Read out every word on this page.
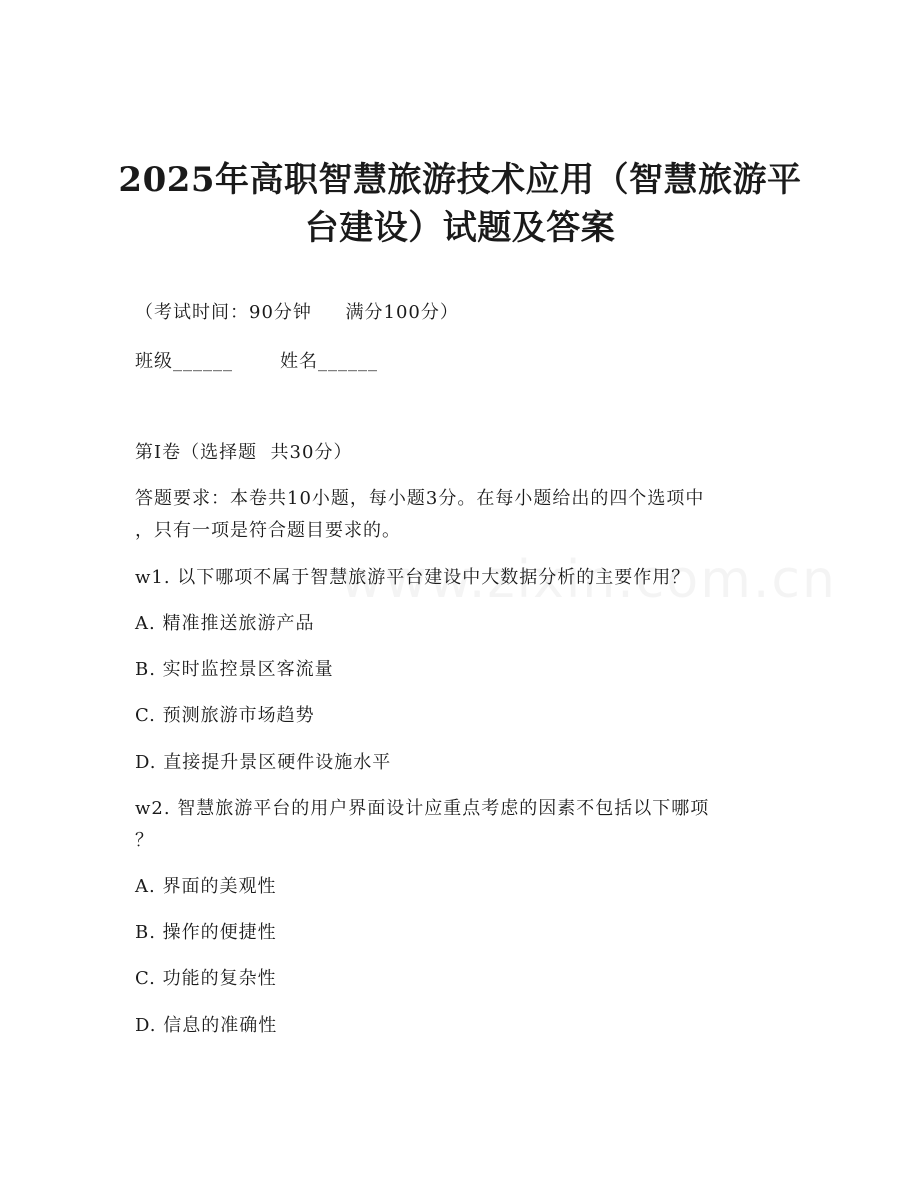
2025年高职智慧旅游技术应用（智慧旅游平
台建设）试题及答案
（考试时间：90分钟     满分100分）
班级______       姓名______
第Ⅰ卷（选择题  共30分）
答题要求：本卷共10小题，每小题3分。在每小题给出的四个选项中
，只有一项是符合题目要求的。
w1. 以下哪项不属于智慧旅游平台建设中大数据分析的主要作用？
A. 精准推送旅游产品
B. 实时监控景区客流量
C. 预测旅游市场趋势
D. 直接提升景区硬件设施水平
w2. 智慧旅游平台的用户界面设计应重点考虑的因素不包括以下哪项
？
A. 界面的美观性
B. 操作的便捷性
C. 功能的复杂性
D. 信息的准确性
